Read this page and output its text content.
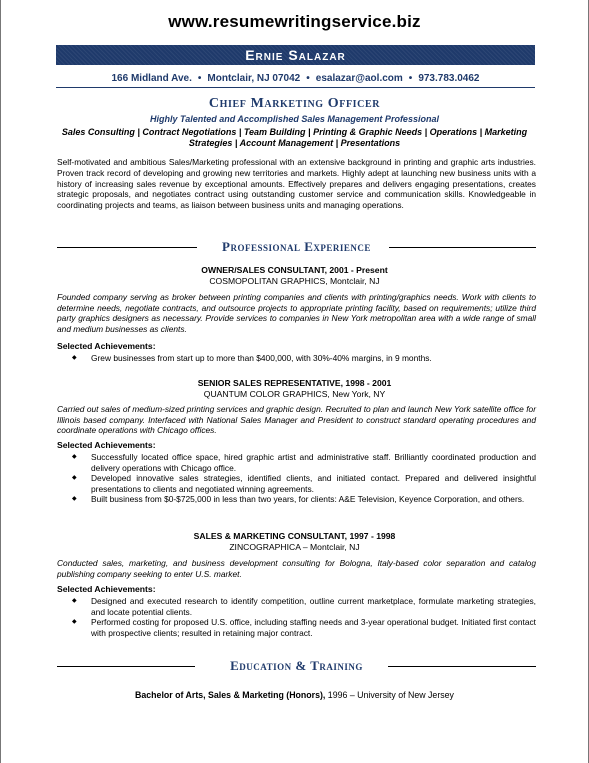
www.resumewritingservice.biz
Ernie Salazar
166 Midland Ave. • Montclair, NJ 07042 • esalazar@aol.com • 973.783.0462
Chief Marketing Officer
Highly Talented and Accomplished Sales Management Professional
Sales Consulting | Contract Negotiations | Team Building | Printing & Graphic Needs | Operations | Marketing Strategies | Account Management | Presentations
Self-motivated and ambitious Sales/Marketing professional with an extensive background in printing and graphic arts industries. Proven track record of developing and growing new territories and markets. Highly adept at launching new business units with a history of increasing sales revenue by exceptional amounts. Effectively prepares and delivers engaging presentations, creates strategic proposals, and negotiates contract using outstanding customer service and communication skills. Knowledgeable in coordinating projects and teams, as liaison between business units and managing operations.
Professional Experience
OWNER/SALES CONSULTANT, 2001 - Present
COSMOPOLITAN GRAPHICS, Montclair, NJ
Founded company serving as broker between printing companies and clients with printing/graphics needs. Work with clients to determine needs, negotiate contracts, and outsource projects to appropriate printing facility, based on requirements; utilize third party graphics designers as necessary. Provide services to companies in New York metropolitan area with a wide range of small and medium businesses as clients.
Selected Achievements:
◆ Grew businesses from start up to more than $400,000, with 30%-40% margins, in 9 months.
SENIOR SALES REPRESENTATIVE, 1998 - 2001
QUANTUM COLOR GRAPHICS, New York, NY
Carried out sales of medium-sized printing services and graphic design. Recruited to plan and launch New York satellite office for Illinois based company. Interfaced with National Sales Manager and President to construct standard operating procedures and coordinate operations with Chicago offices.
Selected Achievements:
◆ Successfully located office space, hired graphic artist and administrative staff. Brilliantly coordinated production and delivery operations with Chicago office.
◆ Developed innovative sales strategies, identified clients, and initiated contact. Prepared and delivered insightful presentations to clients and negotiated winning agreements.
◆ Built business from $0-$725,000 in less than two years, for clients: A&E Television, Keyence Corporation, and others.
SALES & MARKETING CONSULTANT, 1997 - 1998
ZINCOGRAPHICA – Montclair, NJ
Conducted sales, marketing, and business development consulting for Bologna, Italy-based color separation and catalog publishing company seeking to enter U.S. market.
Selected Achievements:
◆ Designed and executed research to identify competition, outline current marketplace, formulate marketing strategies, and locate potential clients.
◆ Performed costing for proposed U.S. office, including staffing needs and 3-year operational budget. Initiated first contact with prospective clients; resulted in retaining major contract.
Education & Training
Bachelor of Arts, Sales & Marketing (Honors), 1996 – University of New Jersey
